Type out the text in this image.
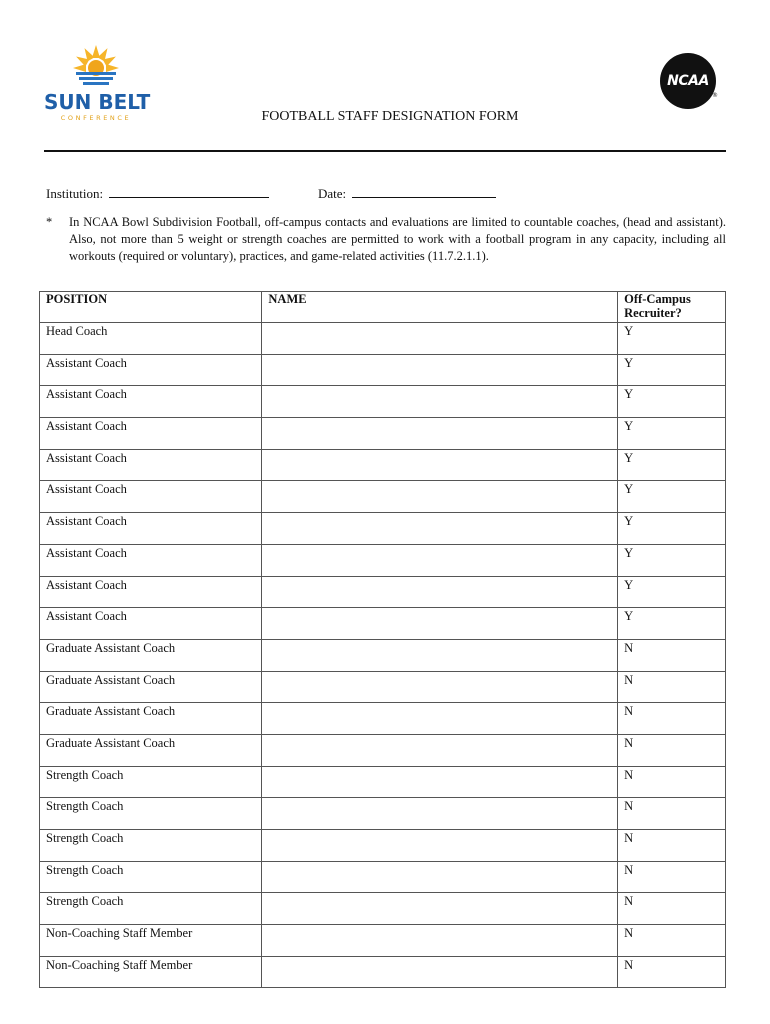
SUN BELT
CONFERENCE
NCAA
®
FOOTBALL STAFF DESIGNATION FORM
Institution:	Date:
* In NCAA Bowl Subdivision Football, off-campus contacts and evaluations are limited to countable coaches, (head and assistant). Also, not more than 5 weight or strength coaches are permitted to work with a football program in any capacity, including all workouts (required or voluntary), practices, and game-related activities (11.7.2.1.1).
POSITION	NAME	Off-Campus Recruiter?
Head Coach		Y
Assistant Coach		Y
Assistant Coach		Y
Assistant Coach		Y
Assistant Coach		Y
Assistant Coach		Y
Assistant Coach		Y
Assistant Coach		Y
Assistant Coach		Y
Assistant Coach		Y
Graduate Assistant Coach		N
Graduate Assistant Coach		N
Graduate Assistant Coach		N
Graduate Assistant Coach		N
Strength Coach		N
Strength Coach		N
Strength Coach		N
Strength Coach		N
Strength Coach		N
Non-Coaching Staff Member		N
Non-Coaching Staff Member		N
